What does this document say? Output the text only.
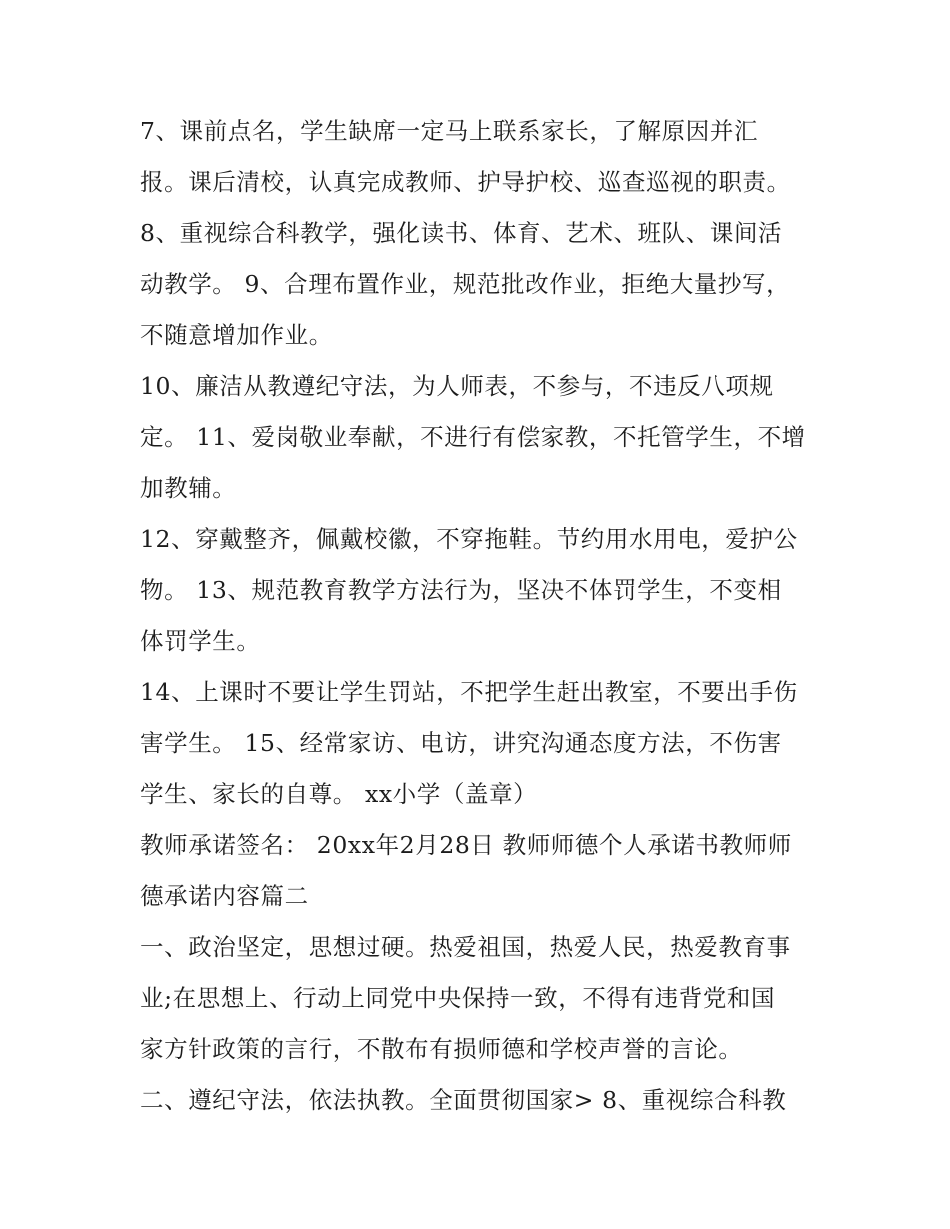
7、课前点名，学生缺席一定马上联系家长，了解原因并汇
报。课后清校，认真完成教师、护导护校、巡查巡视的职责。
8、重视综合科教学，强化读书、体育、艺术、班队、课间活
动教学。 9、合理布置作业，规范批改作业，拒绝大量抄写，
不随意增加作业。
10、廉洁从教遵纪守法，为人师表，不参与，不违反八项规
定。 11、爱岗敬业奉献，不进行有偿家教，不托管学生，不增
加教辅。
12、穿戴整齐，佩戴校徽，不穿拖鞋。节约用水用电，爱护公
物。 13、规范教育教学方法行为，坚决不体罚学生，不变相
体罚学生。
14、上课时不要让学生罚站，不把学生赶出教室，不要出手伤
害学生。 15、经常家访、电访，讲究沟通态度方法，不伤害
学生、家长的自尊。 xx小学（盖章）
教师承诺签名： 20xx年2月28日 教师师德个人承诺书教师师
德承诺内容篇二
一、政治坚定，思想过硬。热爱祖国，热爱人民，热爱教育事
业;在思想上、行动上同党中央保持一致，不得有违背党和国
家方针政策的言行，不散布有损师德和学校声誉的言论。
二、遵纪守法，依法执教。全面贯彻国家> 8、重视综合科教
